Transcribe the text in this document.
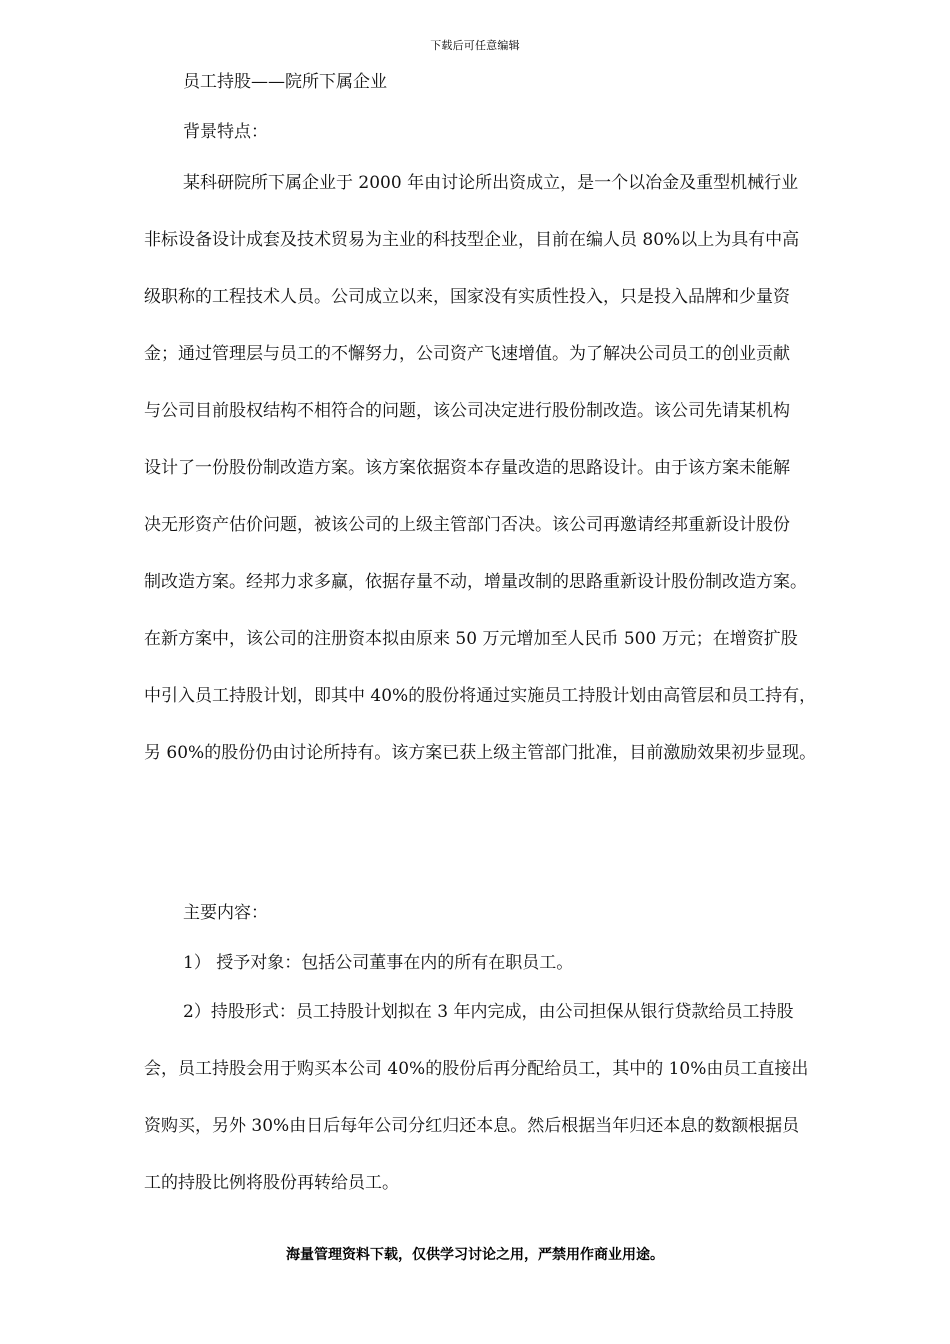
下载后可任意编辑
员工持股——院所下属企业
背景特点：
某科研院所下属企业于 2000 年由讨论所出资成立，是一个以冶金及重型机械行业
非标设备设计成套及技术贸易为主业的科技型企业，目前在编人员 80%以上为具有中高
级职称的工程技术人员。公司成立以来，国家没有实质性投入，只是投入品牌和少量资
金；通过管理层与员工的不懈努力，公司资产飞速增值。为了解决公司员工的创业贡献
与公司目前股权结构不相符合的问题，该公司决定进行股份制改造。该公司先请某机构
设计了一份股份制改造方案。该方案依据资本存量改造的思路设计。由于该方案未能解
决无形资产估价问题，被该公司的上级主管部门否决。该公司再邀请经邦重新设计股份
制改造方案。经邦力求多赢，依据存量不动，增量改制的思路重新设计股份制改造方案。
在新方案中，该公司的注册资本拟由原来 50 万元增加至人民币 500 万元；在增资扩股
中引入员工持股计划，即其中 40%的股份将通过实施员工持股计划由高管层和员工持有，
另 60%的股份仍由讨论所持有。该方案已获上级主管部门批准，目前激励效果初步显现。
主要内容：
1） 授予对象：包括公司董事在内的所有在职员工。
2）持股形式：员工持股计划拟在 3 年内完成，由公司担保从银行贷款给员工持股
会，员工持股会用于购买本公司 40%的股份后再分配给员工，其中的 10%由员工直接出
资购买，另外 30%由日后每年公司分红归还本息。然后根据当年归还本息的数额根据员
工的持股比例将股份再转给员工。
海量管理资料下载，仅供学习讨论之用，严禁用作商业用途。
